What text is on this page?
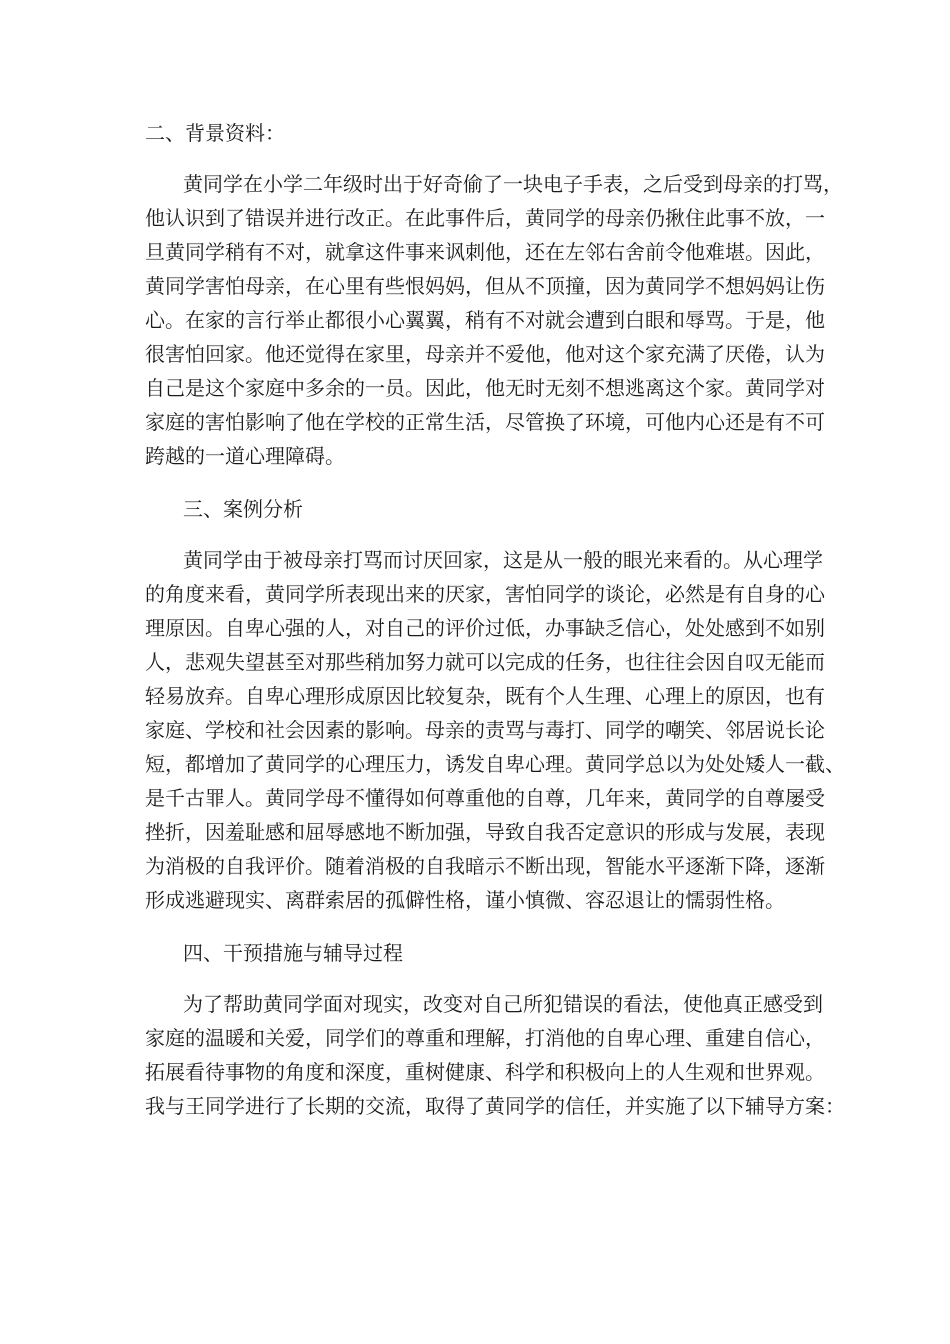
二、背景资料：
黄同学在小学二年级时出于好奇偷了一块电子手表，之后受到母亲的打骂，
他认识到了错误并进行改正。在此事件后，黄同学的母亲仍揪住此事不放，一
旦黄同学稍有不对，就拿这件事来讽刺他，还在左邻右舍前令他难堪。因此，
黄同学害怕母亲，在心里有些恨妈妈，但从不顶撞，因为黄同学不想妈妈让伤
心。在家的言行举止都很小心翼翼，稍有不对就会遭到白眼和辱骂。于是，他
很害怕回家。他还觉得在家里，母亲并不爱他，他对这个家充满了厌倦，认为
自己是这个家庭中多余的一员。因此，他无时无刻不想逃离这个家。黄同学对
家庭的害怕影响了他在学校的正常生活，尽管换了环境，可他内心还是有不可
跨越的一道心理障碍。
三、案例分析
黄同学由于被母亲打骂而讨厌回家，这是从一般的眼光来看的。从心理学
的角度来看，黄同学所表现出来的厌家，害怕同学的谈论，必然是有自身的心
理原因。自卑心强的人，对自己的评价过低，办事缺乏信心，处处感到不如别
人，悲观失望甚至对那些稍加努力就可以完成的任务，也往往会因自叹无能而
轻易放弃。自卑心理形成原因比较复杂，既有个人生理、心理上的原因，也有
家庭、学校和社会因素的影响。母亲的责骂与毒打、同学的嘲笑、邻居说长论
短，都增加了黄同学的心理压力，诱发自卑心理。黄同学总以为处处矮人一截、
是千古罪人。黄同学母不懂得如何尊重他的自尊，几年来，黄同学的自尊屡受
挫折，因羞耻感和屈辱感地不断加强，导致自我否定意识的形成与发展，表现
为消极的自我评价。随着消极的自我暗示不断出现，智能水平逐渐下降，逐渐
形成逃避现实、离群索居的孤僻性格，谨小慎微、容忍退让的懦弱性格。
四、干预措施与辅导过程
为了帮助黄同学面对现实，改变对自己所犯错误的看法，使他真正感受到
家庭的温暖和关爱，同学们的尊重和理解，打消他的自卑心理、重建自信心，
拓展看待事物的角度和深度，重树健康、科学和积极向上的人生观和世界观。
我与王同学进行了长期的交流，取得了黄同学的信任，并实施了以下辅导方案：
